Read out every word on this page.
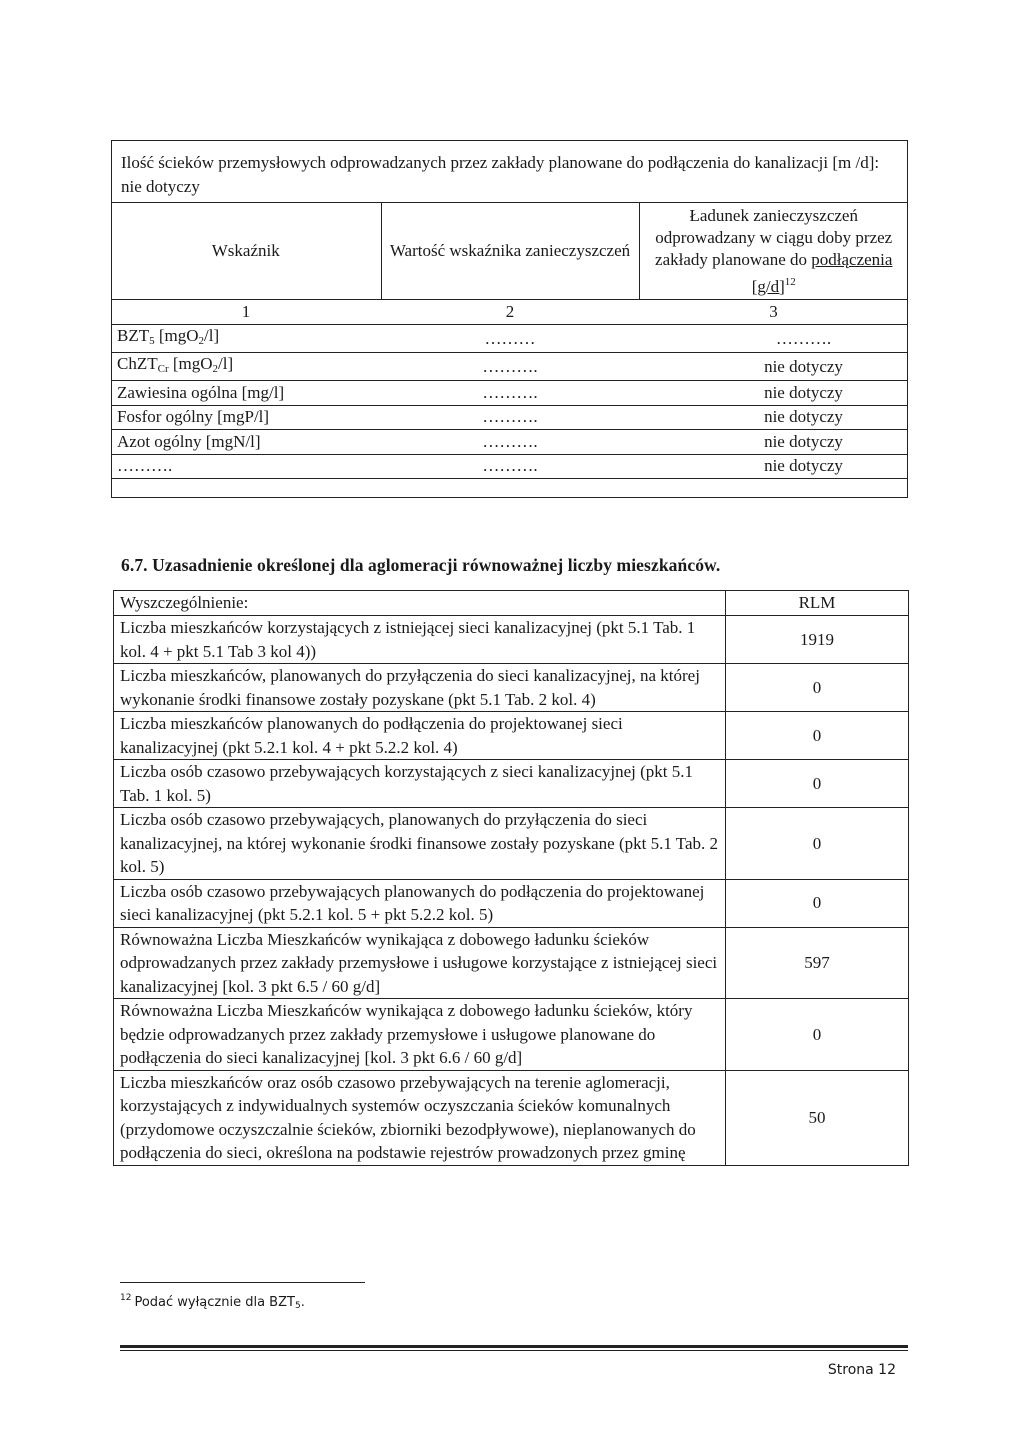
Ilość ścieków przemysłowych odprowadzanych przez zakłady planowane do podłączenia do kanalizacji [m /d]: nie dotyczy
Wskaźnik	Wartość wskaźnika zanieczyszczeń	Ładunek zanieczyszczeń odprowadzany w ciągu doby przez zakłady planowane do podłączenia $[g/d]^{12}$
1	2	3
$BZT_5$ [mgO$_2$/l]	………	……….
ChZT$_{Cr}$ [mgO$_2$/l]	……….	nie dotyczy
Zawiesina ogólna [mg/l]	……….	nie dotyczy
Fosfor ogólny [mgP/l]	……….	nie dotyczy
Azot ogólny [mgN/l]	……….	nie dotyczy
……….	……….	nie dotyczy
6.7. Uzasadnienie określonej dla aglomeracji równoważnej liczby mieszkańców.
Wyszczególnienie:	RLM
Liczba mieszkańców korzystających z istniejącej sieci kanalizacyjnej (pkt 5.1 Tab. 1 kol. 4 + pkt 5.1 Tab 3 kol 4))	1919
Liczba mieszkańców, planowanych do przyłączenia do sieci kanalizacyjnej, na której wykonanie środki finansowe zostały pozyskane (pkt 5.1 Tab. 2 kol. 4)	0
Liczba mieszkańców planowanych do podłączenia do projektowanej sieci kanalizacyjnej (pkt 5.2.1 kol. 4 + pkt 5.2.2 kol. 4)	0
Liczba osób czasowo przebywających korzystających z sieci kanalizacyjnej (pkt 5.1 Tab. 1 kol. 5)	0
Liczba osób czasowo przebywających, planowanych do przyłączenia do sieci kanalizacyjnej, na której wykonanie środki finansowe zostały pozyskane (pkt 5.1 Tab. 2 kol. 5)	0
Liczba osób czasowo przebywających planowanych do podłączenia do projektowanej sieci kanalizacyjnej (pkt 5.2.1 kol. 5 + pkt 5.2.2 kol. 5)	0
Równoważna Liczba Mieszkańców wynikająca z dobowego ładunku ścieków odprowadzanych przez zakłady przemysłowe i usługowe korzystające z istniejącej sieci kanalizacyjnej [kol. 3 pkt 6.5 / 60 g/d]	597
Równoważna Liczba Mieszkańców wynikająca z dobowego ładunku ścieków, który będzie odprowadzanych przez zakłady przemysłowe i usługowe planowane do podłączenia do sieci kanalizacyjnej [kol. 3 pkt 6.6 / 60 g/d]	0
Liczba mieszkańców oraz osób czasowo przebywających na terenie aglomeracji, korzystających z indywidualnych systemów oczyszczania ścieków komunalnych (przydomowe oczyszczalnie ścieków, zbiorniki bezodpływowe), nieplanowanych do podłączenia do sieci, określona na podstawie rejestrów prowadzonych przez gminę	50
$^{12}$ Podać wyłącznie dla $BZT_5$.
Strona 12
